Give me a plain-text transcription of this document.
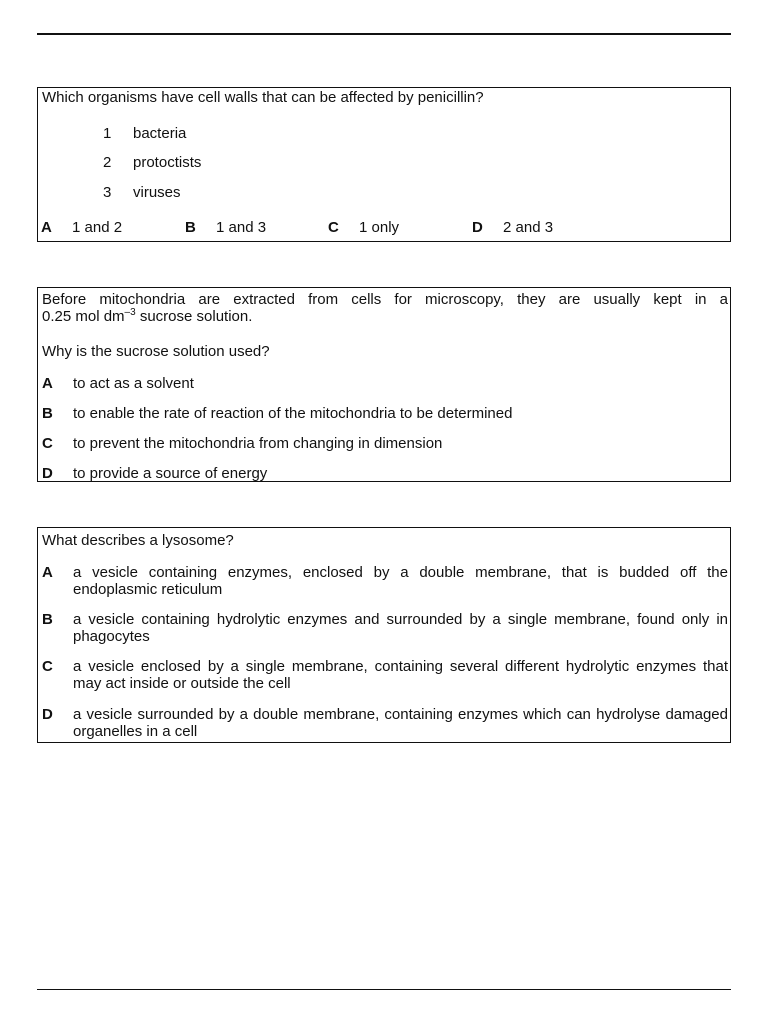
Which organisms have cell walls that can be affected by penicillin?
1	bacteria
2	protoctists
3	viruses
A 1 and 2	B 1 and 3	C 1 only	D 2 and 3
Before mitochondria are extracted from cells for microscopy, they are usually kept in a
0.25 mol $dm^{-3}$ sucrose solution.
Why is the sucrose solution used?
A to act as a solvent
B to enable the rate of reaction of the mitochondria to be determined
C to prevent the mitochondria from changing in dimension
D to provide a source of energy
What describes a lysosome?
A a vesicle containing enzymes, enclosed by a double membrane, that is budded off the endoplasmic reticulum
B a vesicle containing hydrolytic enzymes and surrounded by a single membrane, found only in phagocytes
C a vesicle enclosed by a single membrane, containing several different hydrolytic enzymes that may act inside or outside the cell
D a vesicle surrounded by a double membrane, containing enzymes which can hydrolyse damaged organelles in a cell
